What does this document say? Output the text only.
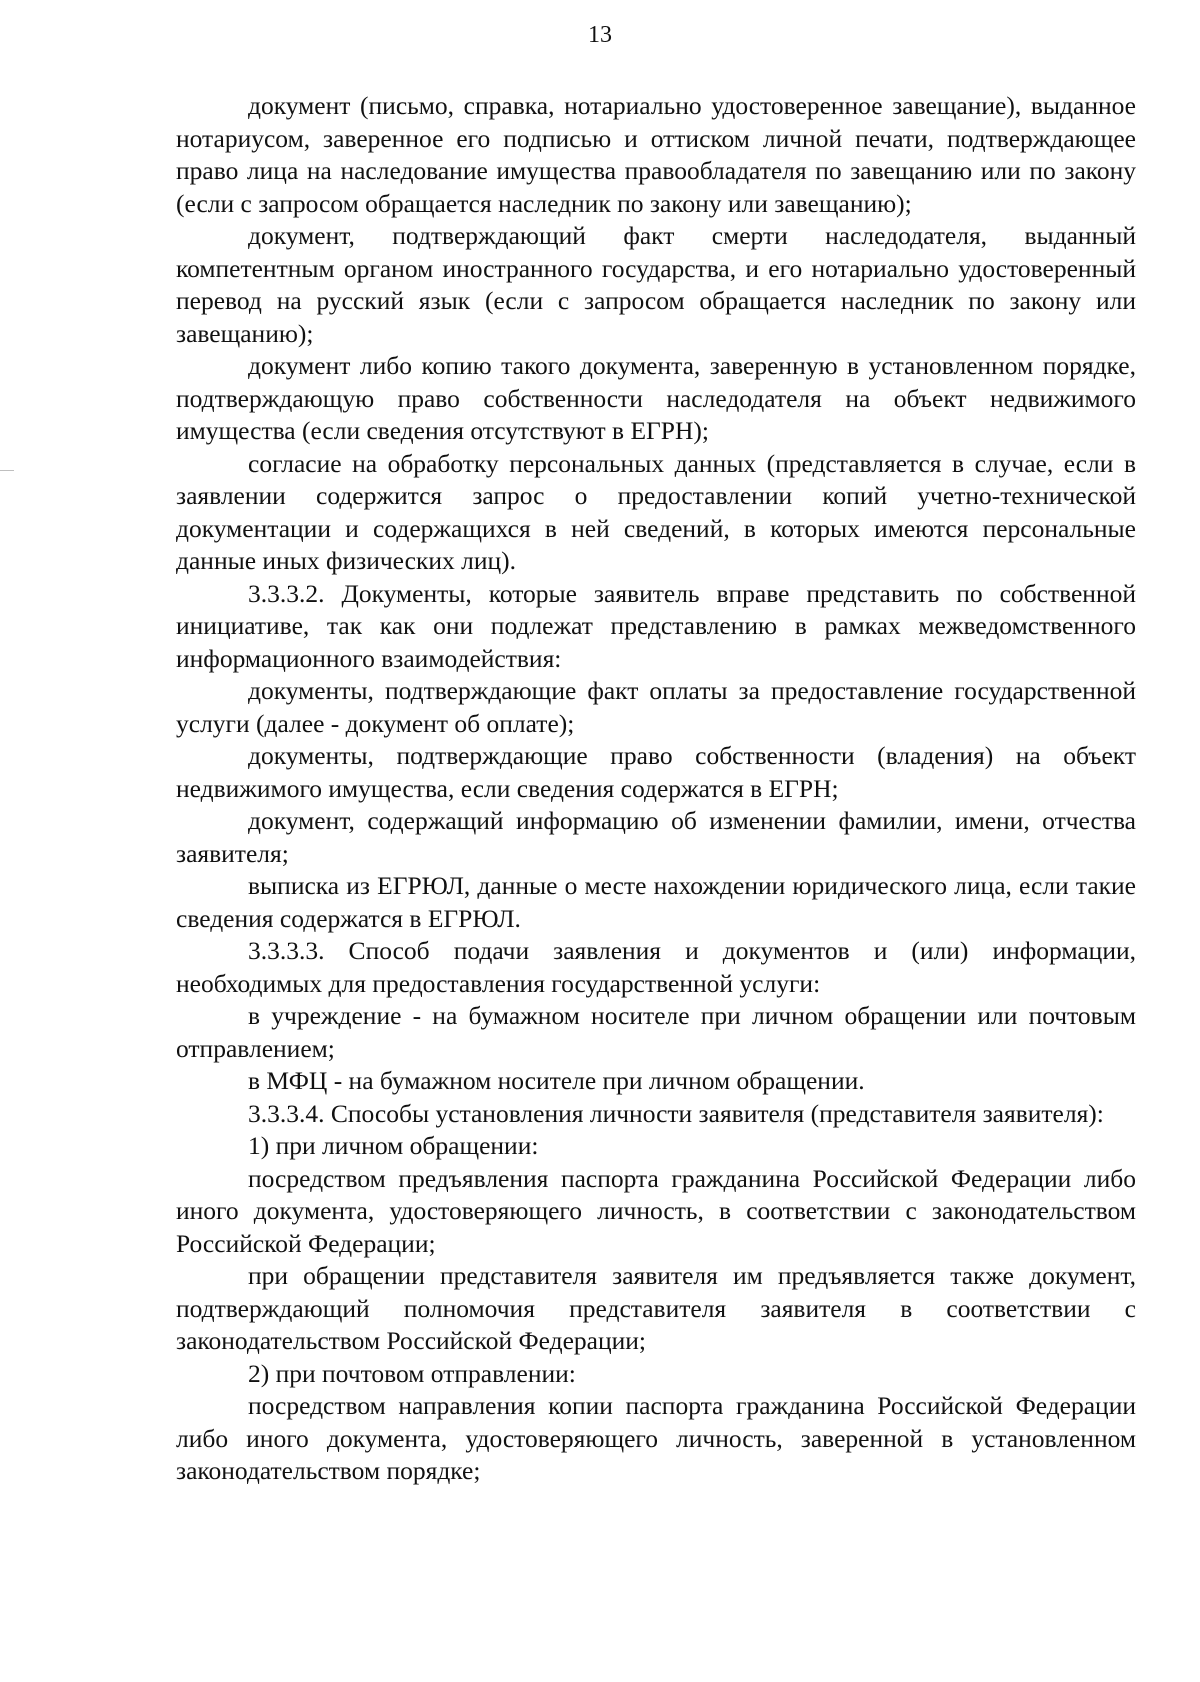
13

документ (письмо, справка, нотариально удостоверенное завещание), выданное нотариусом, заверенное его подписью и оттиском личной печати, подтверждающее право лица на наследование имущества правообладателя по завещанию или по закону (если с запросом обращается наследник по закону или завещанию);

документ, подтверждающий факт смерти наследодателя, выданный компетентным органом иностранного государства, и его нотариально удостоверенный перевод на русский язык (если с запросом обращается наследник по закону или завещанию);

документ либо копию такого документа, заверенную в установленном порядке, подтверждающую право собственности наследодателя на объект недвижимого имущества (если сведения отсутствуют в ЕГРН);

согласие на обработку персональных данных (представляется в случае, если в заявлении содержится запрос о предоставлении копий учетно-технической документации и содержащихся в ней сведений, в которых имеются персональные данные иных физических лиц).

3.3.3.2. Документы, которые заявитель вправе представить по собственной инициативе, так как они подлежат представлению в рамках межведомственного информационного взаимодействия:

документы, подтверждающие факт оплаты за предоставление государственной услуги (далее - документ об оплате);

документы, подтверждающие право собственности (владения) на объект недвижимого имущества, если сведения содержатся в ЕГРН;

документ, содержащий информацию об изменении фамилии, имени, отчества заявителя;

выписка из ЕГРЮЛ, данные о месте нахождении юридического лица, если такие сведения содержатся в ЕГРЮЛ.

3.3.3.3. Способ подачи заявления и документов и (или) информации, необходимых для предоставления государственной услуги:

в учреждение - на бумажном носителе при личном обращении или почтовым отправлением;

в МФЦ - на бумажном носителе при личном обращении.

3.3.3.4. Способы установления личности заявителя (представителя заявителя):

1) при личном обращении:

посредством предъявления паспорта гражданина Российской Федерации либо иного документа, удостоверяющего личность, в соответствии с законодательством Российской Федерации;

при обращении представителя заявителя им предъявляется также документ, подтверждающий полномочия представителя заявителя в соответствии с законодательством Российской Федерации;

2) при почтовом отправлении:

посредством направления копии паспорта гражданина Российской Федерации либо иного документа, удостоверяющего личность, заверенной в установленном законодательством порядке;
